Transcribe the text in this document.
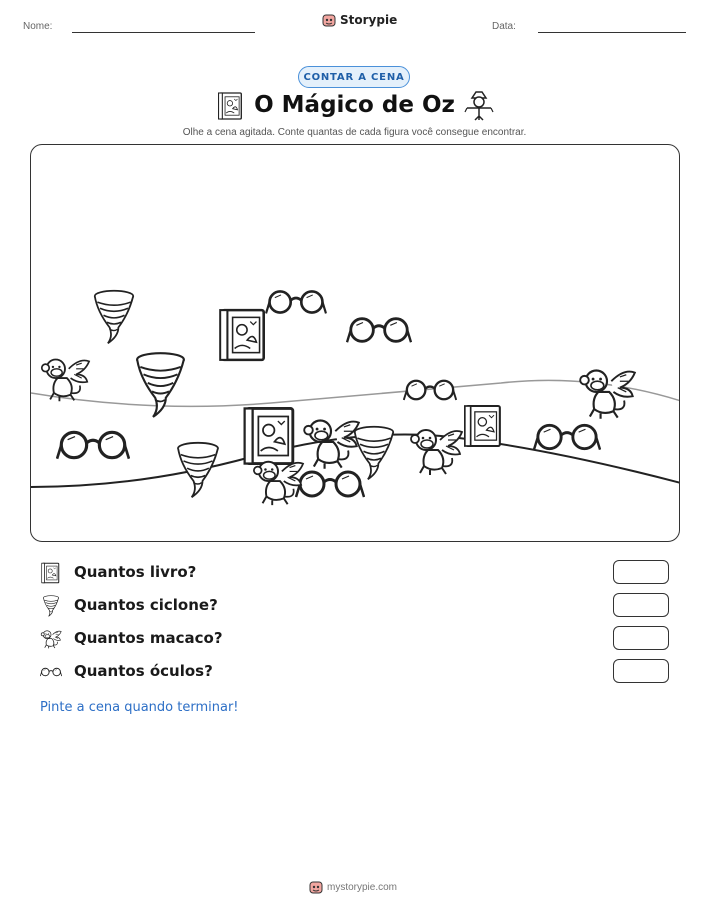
Nome:	Storypie	Data:
CONTAR A CENA
O Mágico de Oz
Olhe a cena agitada. Conte quantas de cada figura você consegue encontrar.
Quantos livro?
Quantos ciclone?
Quantos macaco?
Quantos óculos?
Pinte a cena quando terminar!
mystorypie.com
